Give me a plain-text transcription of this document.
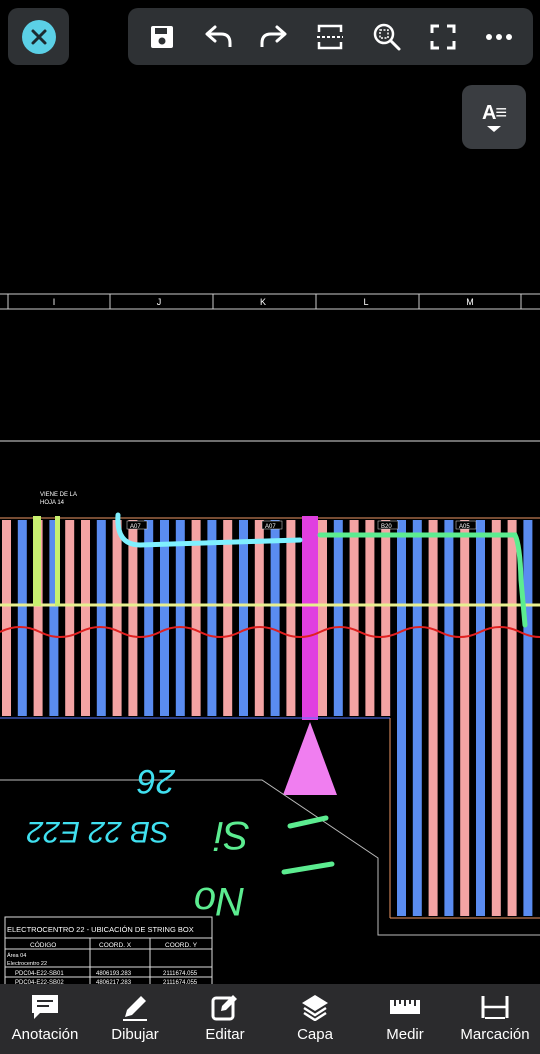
I	J	K	L	M
VIENE DE LA
HOJA 14
26
SB 22 E22 Si
No
ELECTROCENTRO 22 - UBICACIÓN DE STRING BOX
CÓDIGO	COORD. X	COORD. Y
Área 04
Electrocentro 22
PDC04-E22-SB01	4806193.283	2111674.055
PDC04-E22-SB02	4806217.283	2111674.055
A07	A07	B20	A05
A≡
Anotación Dibujar	Editar	Capa	Medir Marcación
